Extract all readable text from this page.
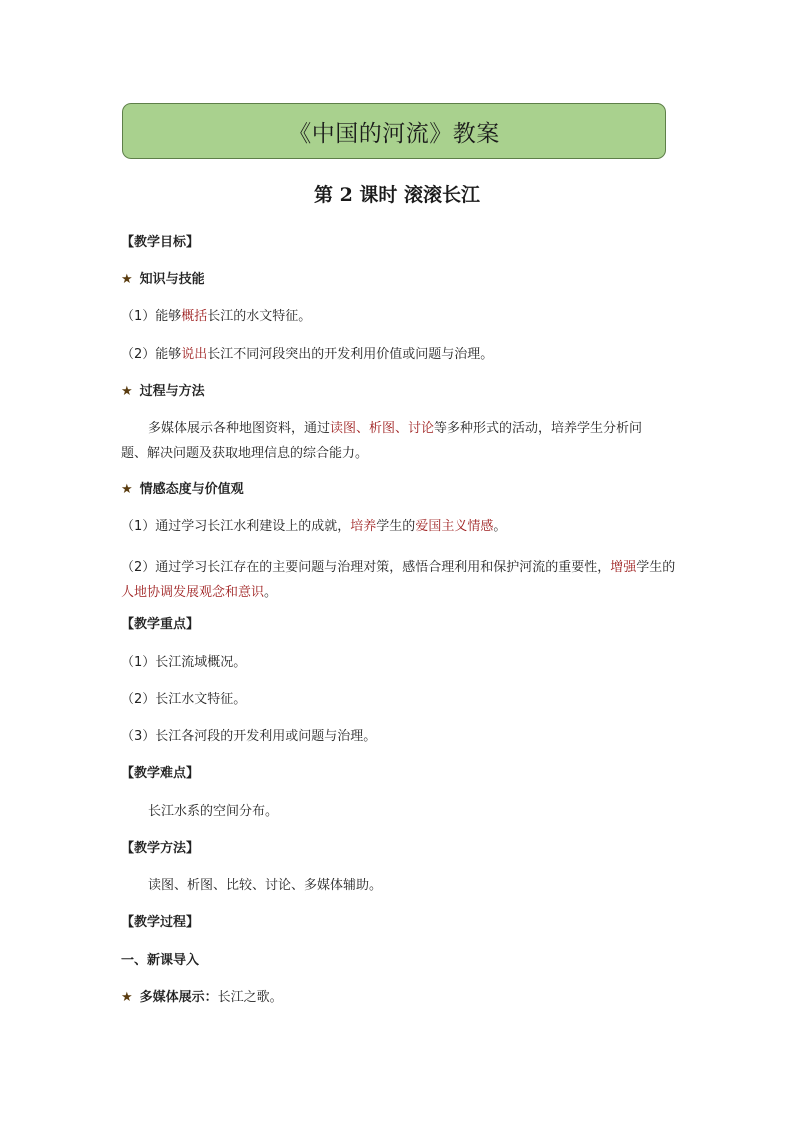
《中国的河流》教案
第 2 课时 滚滚长江
【教学目标】
★ 知识与技能
（1）能够概括长江的水文特征。
（2）能够说出长江不同河段突出的开发利用价值或问题与治理。
★ 过程与方法
多媒体展示各种地图资料，通过读图、析图、讨论等多种形式的活动，培养学生分析问
题、解决问题及获取地理信息的综合能力。
★ 情感态度与价值观
（1）通过学习长江水利建设上的成就，培养学生的爱国主义情感。
（2）通过学习长江存在的主要问题与治理对策，感悟合理利用和保护河流的重要性，增强学生的人地协调发展观念和意识。
【教学重点】
（1）长江流域概况。
（2）长江水文特征。
（3）长江各河段的开发利用或问题与治理。
【教学难点】
长江水系的空间分布。
【教学方法】
读图、析图、比较、讨论、多媒体辅助。
【教学过程】
一、新课导入
★ 多媒体展示：长江之歌。
